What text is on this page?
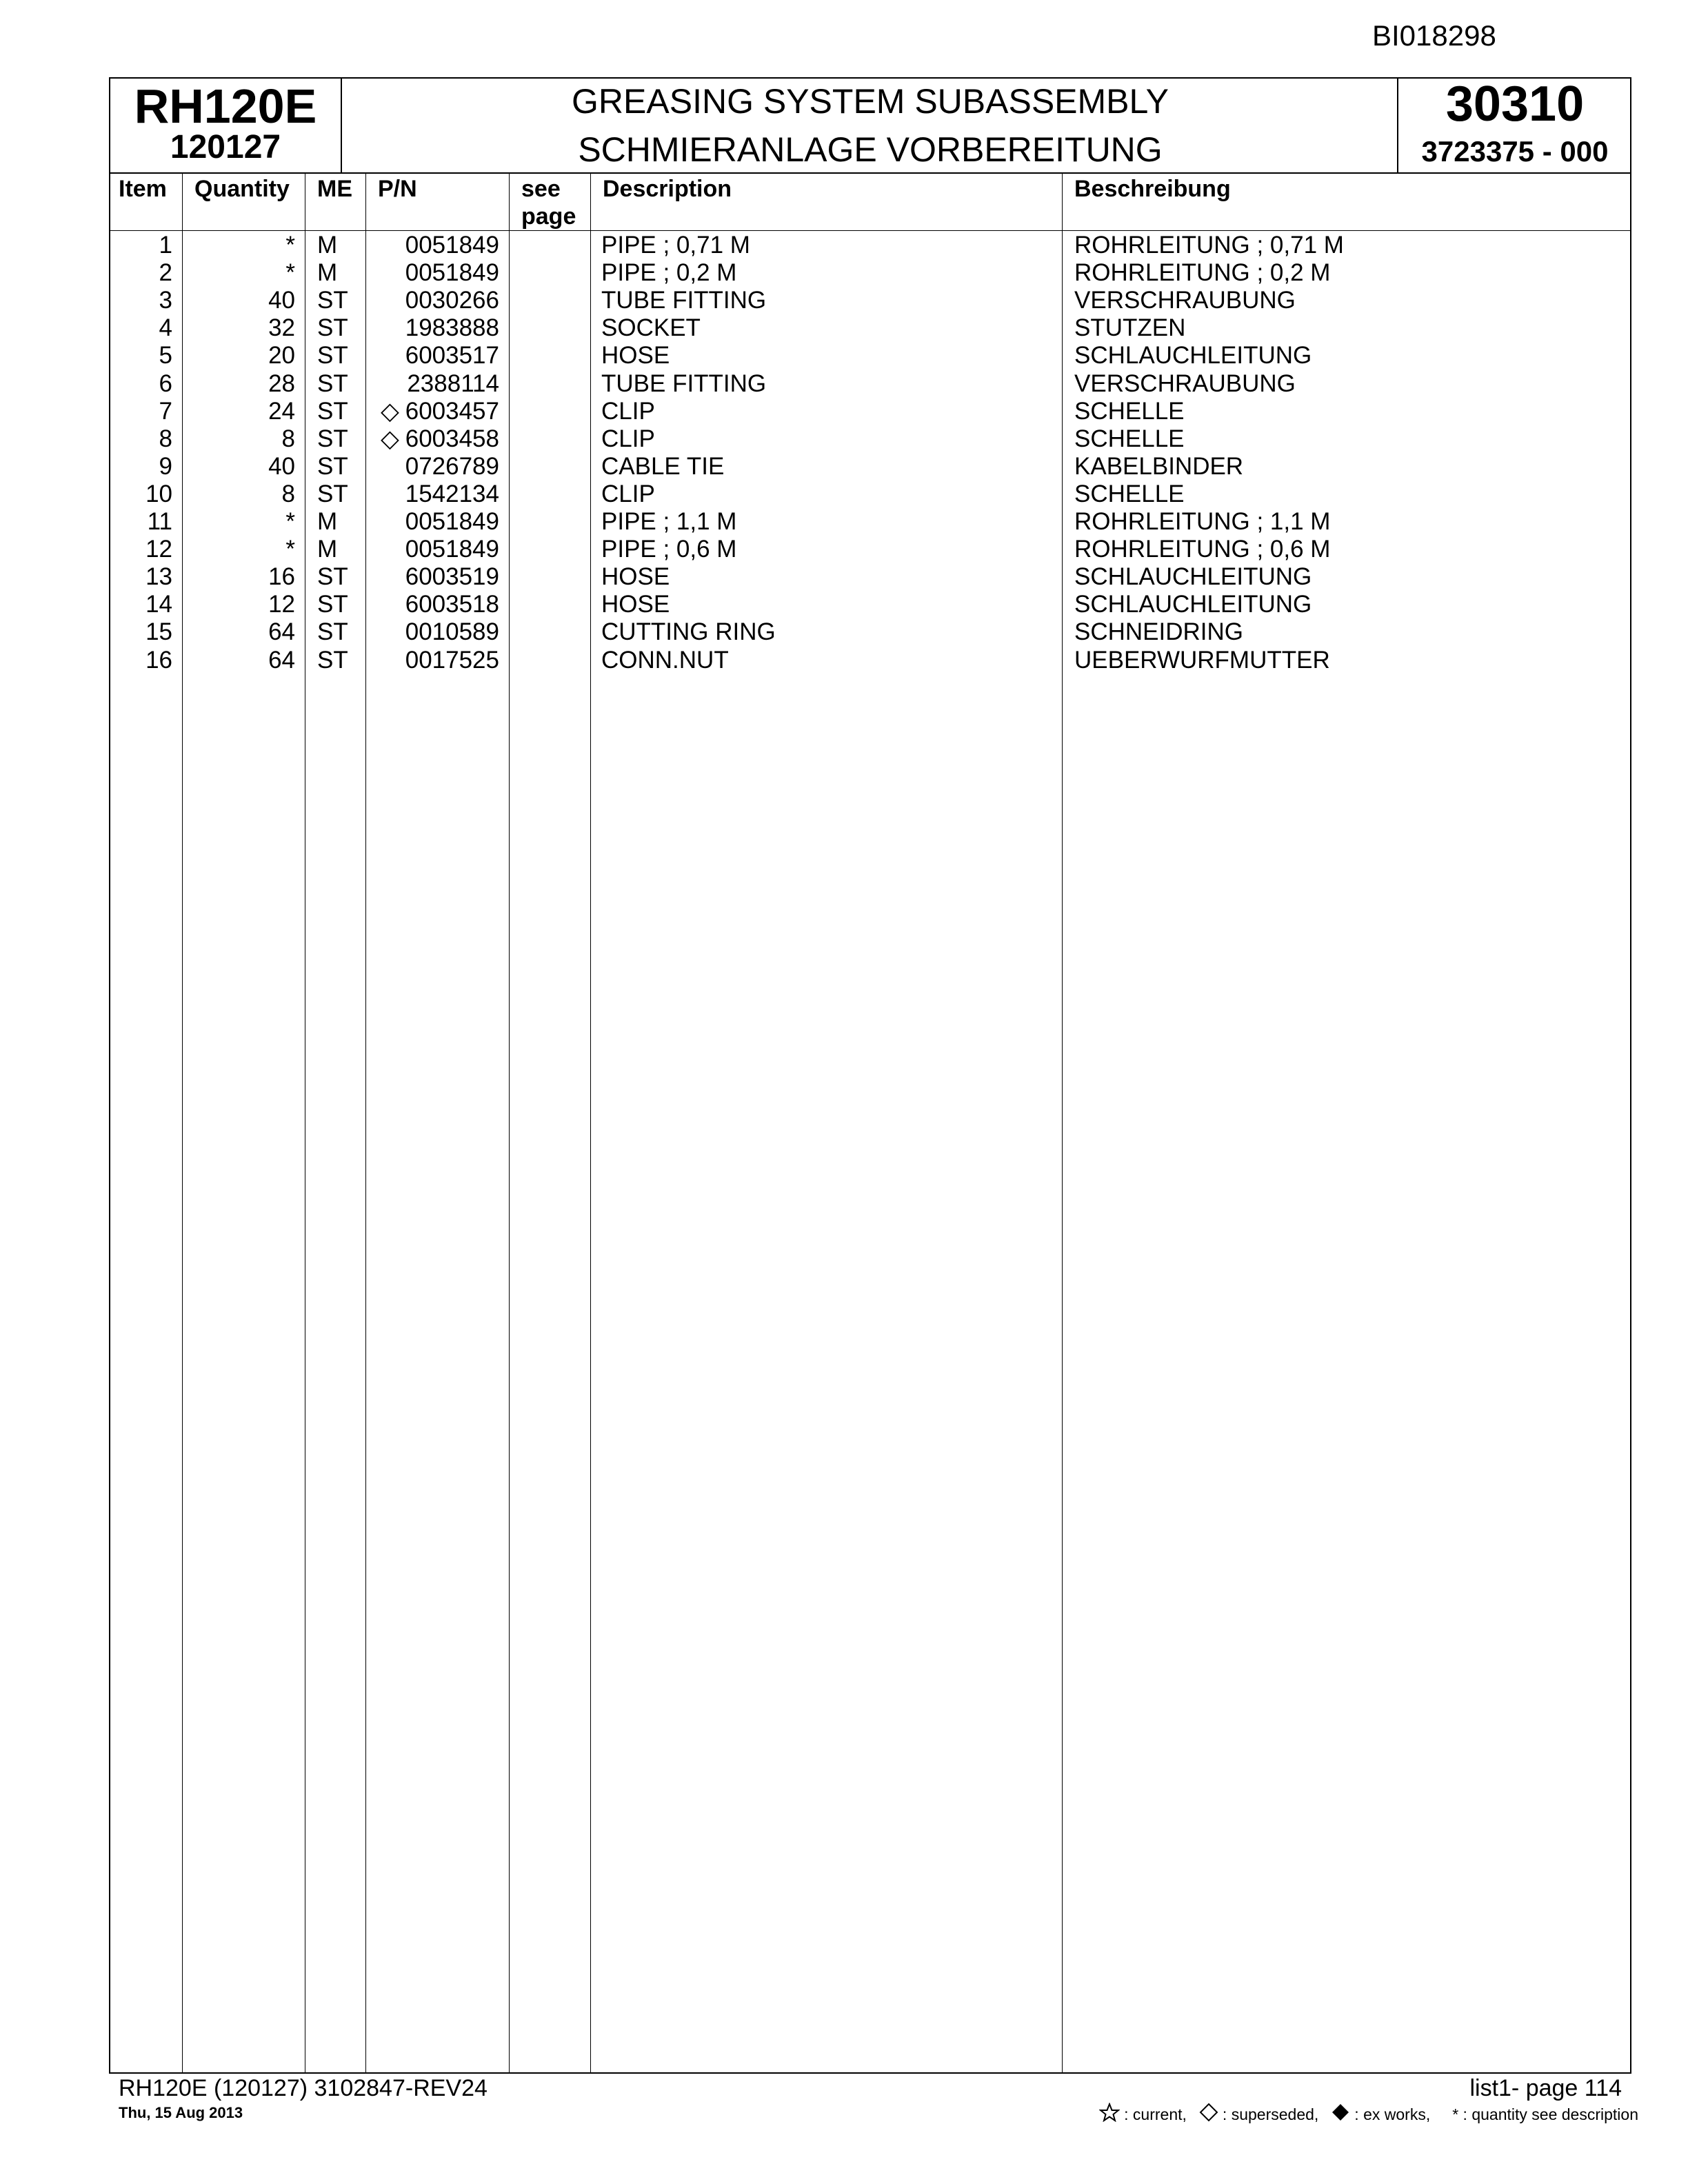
BI018298
RH120E
120127
GREASING SYSTEM SUBASSEMBLY
SCHMIERANLAGE VORBEREITUNG
30310
3723375 - 000
Item Quantity ME P/N	see
page
Description	Beschreibung
1	* M	0051849	PIPE ; 0,71 M	ROHRLEITUNG ; 0,71 M
2	* M	0051849	PIPE ; 0,2 M	ROHRLEITUNG ; 0,2 M
3	40 ST 0030266	TUBE FITTING	VERSCHRAUBUNG
4	32 ST 1983888	SOCKET	STUTZEN
5	20 ST 6003517	HOSE	SCHLAUCHLEITUNG
6	28 ST 2388114	TUBE FITTING	VERSCHRAUBUNG
7	24 ST ◇ 6003457	CLIP	SCHELLE
8	8 ST ◇ 6003458	CLIP	SCHELLE
9	40 ST 0726789	CABLE TIE	KABELBINDER
10	8 ST 1542134	CLIP	SCHELLE
11	* M	0051849	PIPE ; 1,1 M	ROHRLEITUNG ; 1,1 M
12	* M	0051849	PIPE ; 0,6 M	ROHRLEITUNG ; 0,6 M
13	16 ST 6003519	HOSE	SCHLAUCHLEITUNG
14	12 ST 6003518	HOSE	SCHLAUCHLEITUNG
15	64 ST 0010589	CUTTING RING	SCHNEIDRING
16	64 ST 0017525	CONN.NUT	UEBERWURFMUTTER
RH120E (120127) 3102847-REV24
Thu, 15 Aug 2013
list1- page 114
: current, : superseded, : ex works, * : quantity see description
